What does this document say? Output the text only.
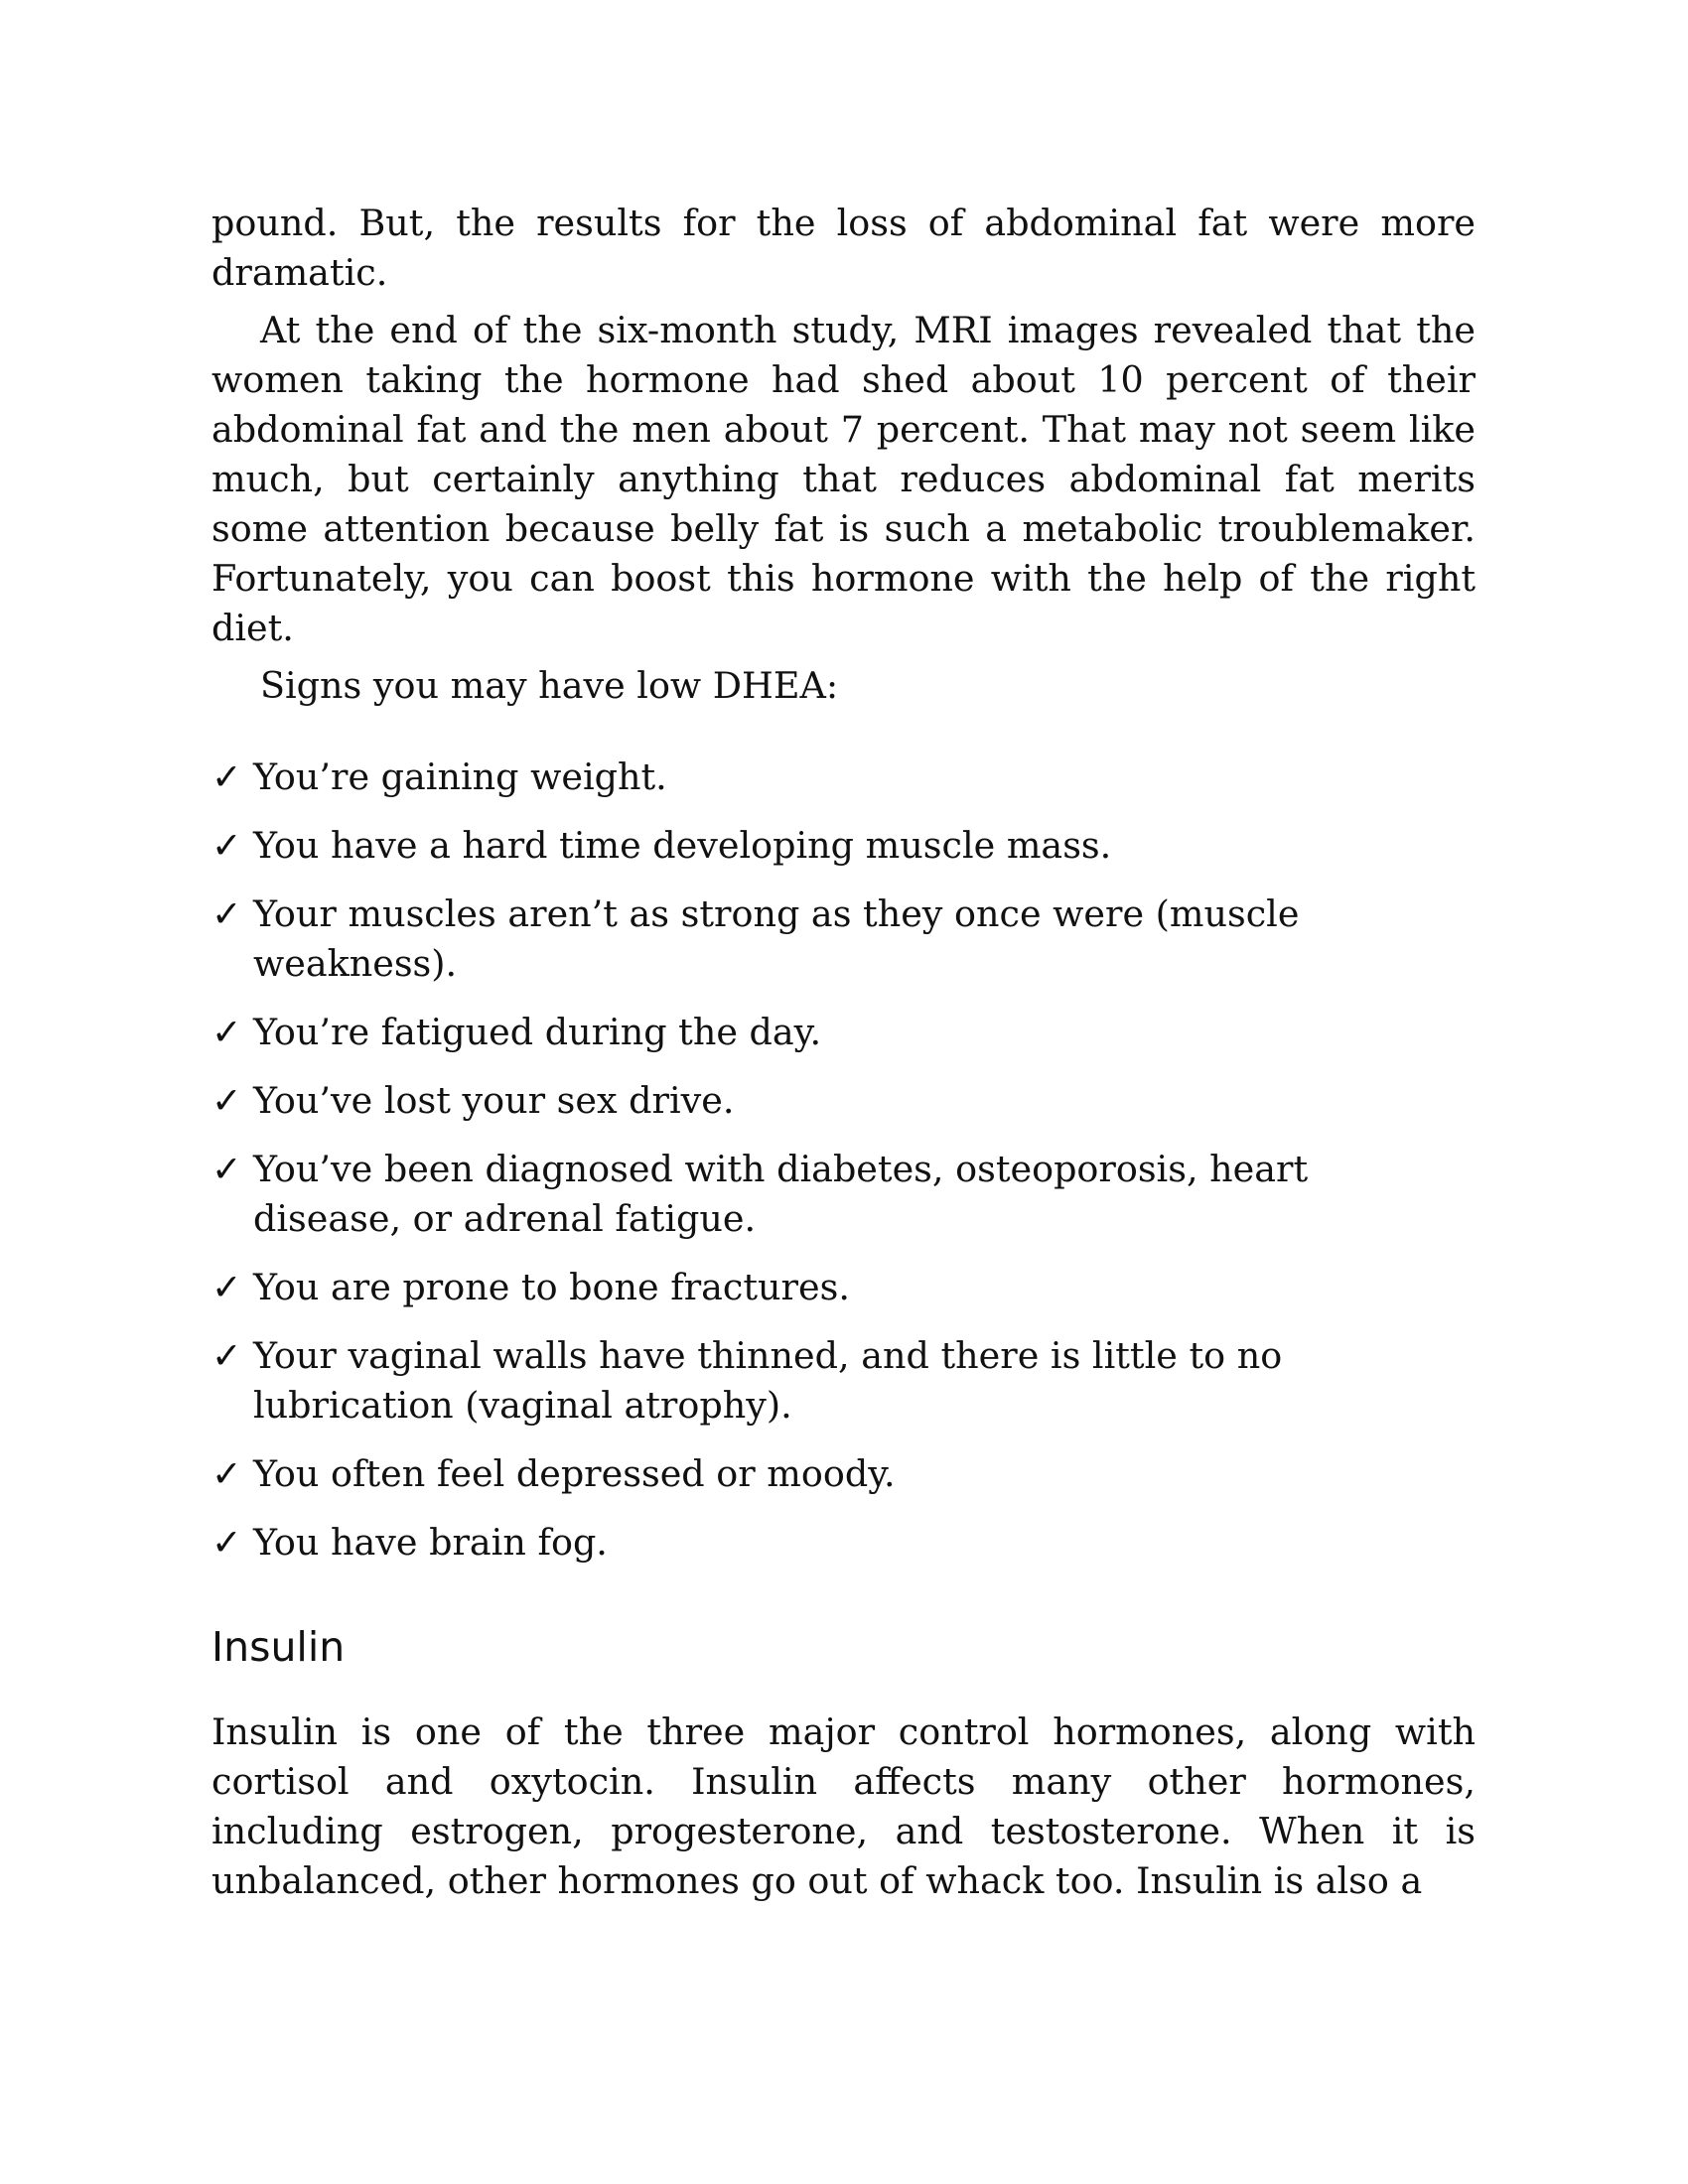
pound. But, the results for the loss of abdominal fat were more dramatic.

At the end of the six-month study, MRI images revealed that the women taking the hormone had shed about 10 percent of their abdominal fat and the men about 7 percent. That may not seem like much, but certainly anything that reduces abdominal fat merits some attention because belly fat is such a metabolic troublemaker. Fortunately, you can boost this hormone with the help of the right diet.

Signs you may have low DHEA:

✓ You’re gaining weight.
✓ You have a hard time developing muscle mass.
✓ Your muscles aren’t as strong as they once were (muscle weakness).
✓ You’re fatigued during the day.
✓ You’ve lost your sex drive.
✓ You’ve been diagnosed with diabetes, osteoporosis, heart disease, or adrenal fatigue.
✓ You are prone to bone fractures.
✓ Your vaginal walls have thinned, and there is little to no lubrication (vaginal atrophy).
✓ You often feel depressed or moody.
✓ You have brain fog.
Insulin

Insulin is one of the three major control hormones, along with cortisol and oxytocin. Insulin affects many other hormones, including estrogen, progesterone, and testosterone. When it is unbalanced, other hormones go out of whack too. Insulin is also a
